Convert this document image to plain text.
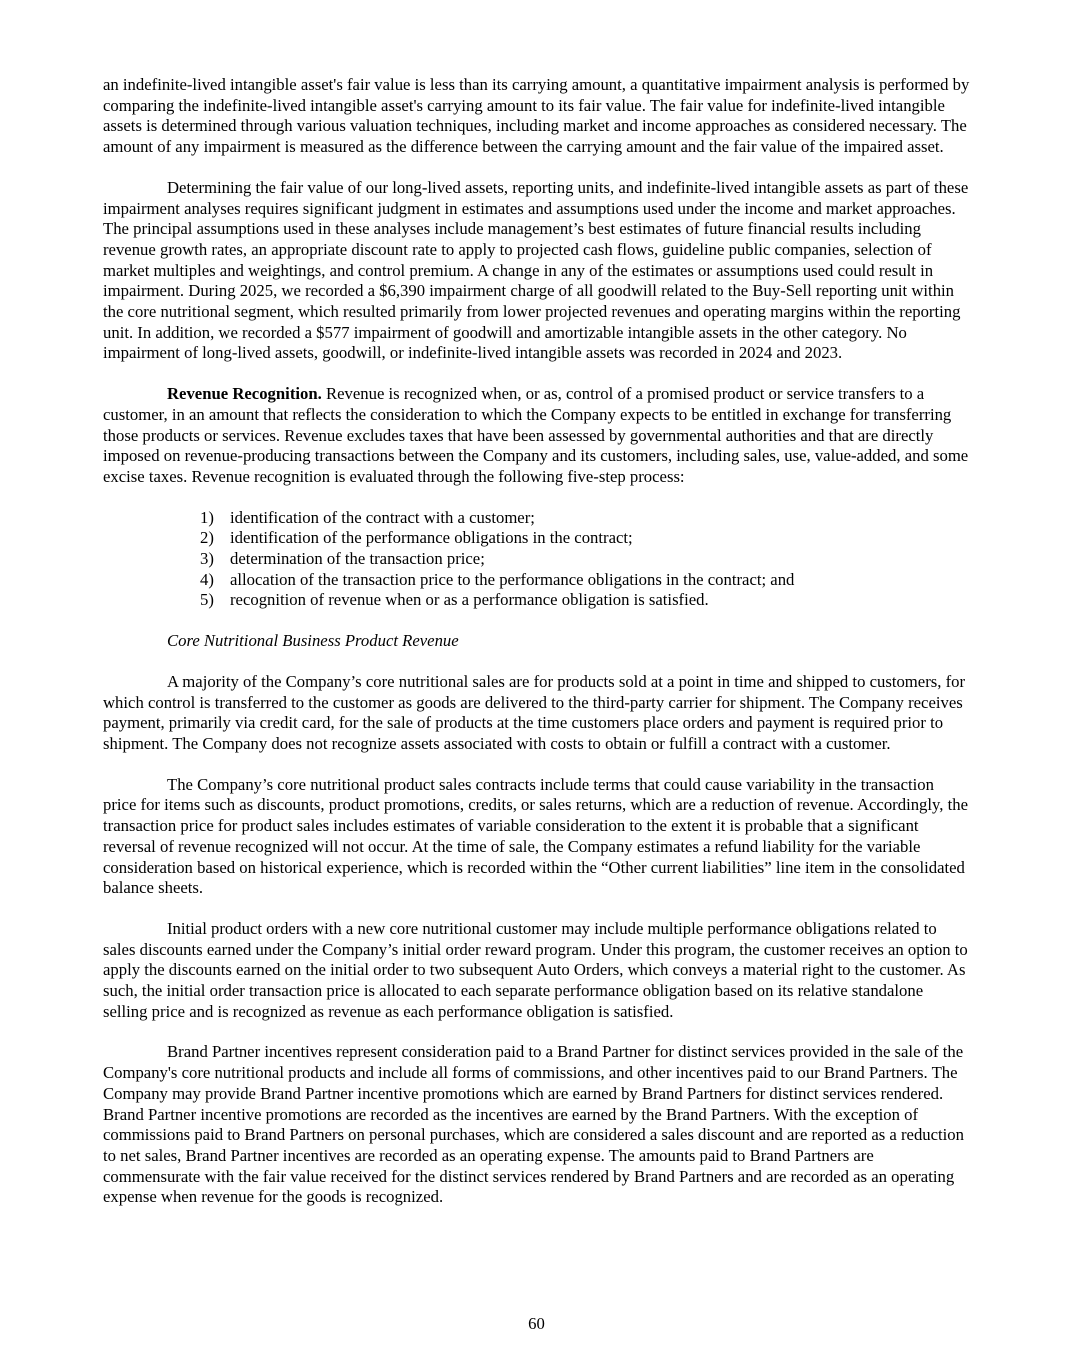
an indefinite-lived intangible asset's fair value is less than its carrying amount, a quantitative impairment analysis is performed by comparing the indefinite-lived intangible asset's carrying amount to its fair value. The fair value for indefinite-lived intangible assets is determined through various valuation techniques, including market and income approaches as considered necessary. The amount of any impairment is measured as the difference between the carrying amount and the fair value of the impaired asset.

Determining the fair value of our long-lived assets, reporting units, and indefinite-lived intangible assets as part of these impairment analyses requires significant judgment in estimates and assumptions used under the income and market approaches. The principal assumptions used in these analyses include management’s best estimates of future financial results including revenue growth rates, an appropriate discount rate to apply to projected cash flows, guideline public companies, selection of market multiples and weightings, and control premium. A change in any of the estimates or assumptions used could result in impairment. During 2025, we recorded a $6,390 impairment charge of all goodwill related to the Buy-Sell reporting unit within the core nutritional segment, which resulted primarily from lower projected revenues and operating margins within the reporting unit. In addition, we recorded a $577 impairment of goodwill and amortizable intangible assets in the other category. No impairment of long-lived assets, goodwill, or indefinite-lived intangible assets was recorded in 2024 and 2023.

Revenue Recognition. Revenue is recognized when, or as, control of a promised product or service transfers to a customer, in an amount that reflects the consideration to which the Company expects to be entitled in exchange for transferring those products or services. Revenue excludes taxes that have been assessed by governmental authorities and that are directly imposed on revenue-producing transactions between the Company and its customers, including sales, use, value-added, and some excise taxes. Revenue recognition is evaluated through the following five-step process:

1) identification of the contract with a customer;
2) identification of the performance obligations in the contract;
3) determination of the transaction price;
4) allocation of the transaction price to the performance obligations in the contract; and
5) recognition of revenue when or as a performance obligation is satisfied.

Core Nutritional Business Product Revenue

A majority of the Company’s core nutritional sales are for products sold at a point in time and shipped to customers, for which control is transferred to the customer as goods are delivered to the third-party carrier for shipment. The Company receives payment, primarily via credit card, for the sale of products at the time customers place orders and payment is required prior to shipment. The Company does not recognize assets associated with costs to obtain or fulfill a contract with a customer.

The Company’s core nutritional product sales contracts include terms that could cause variability in the transaction price for items such as discounts, product promotions, credits, or sales returns, which are a reduction of revenue. Accordingly, the transaction price for product sales includes estimates of variable consideration to the extent it is probable that a significant reversal of revenue recognized will not occur. At the time of sale, the Company estimates a refund liability for the variable consideration based on historical experience, which is recorded within the “Other current liabilities” line item in the consolidated balance sheets.

Initial product orders with a new core nutritional customer may include multiple performance obligations related to sales discounts earned under the Company’s initial order reward program. Under this program, the customer receives an option to apply the discounts earned on the initial order to two subsequent Auto Orders, which conveys a material right to the customer. As such, the initial order transaction price is allocated to each separate performance obligation based on its relative standalone selling price and is recognized as revenue as each performance obligation is satisfied.

Brand Partner incentives represent consideration paid to a Brand Partner for distinct services provided in the sale of the Company's core nutritional products and include all forms of commissions, and other incentives paid to our Brand Partners. The Company may provide Brand Partner incentive promotions which are earned by Brand Partners for distinct services rendered. Brand Partner incentive promotions are recorded as the incentives are earned by the Brand Partners. With the exception of commissions paid to Brand Partners on personal purchases, which are considered a sales discount and are reported as a reduction to net sales, Brand Partner incentives are recorded as an operating expense. The amounts paid to Brand Partners are commensurate with the fair value received for the distinct services rendered by Brand Partners and are recorded as an operating expense when revenue for the goods is recognized.

60
